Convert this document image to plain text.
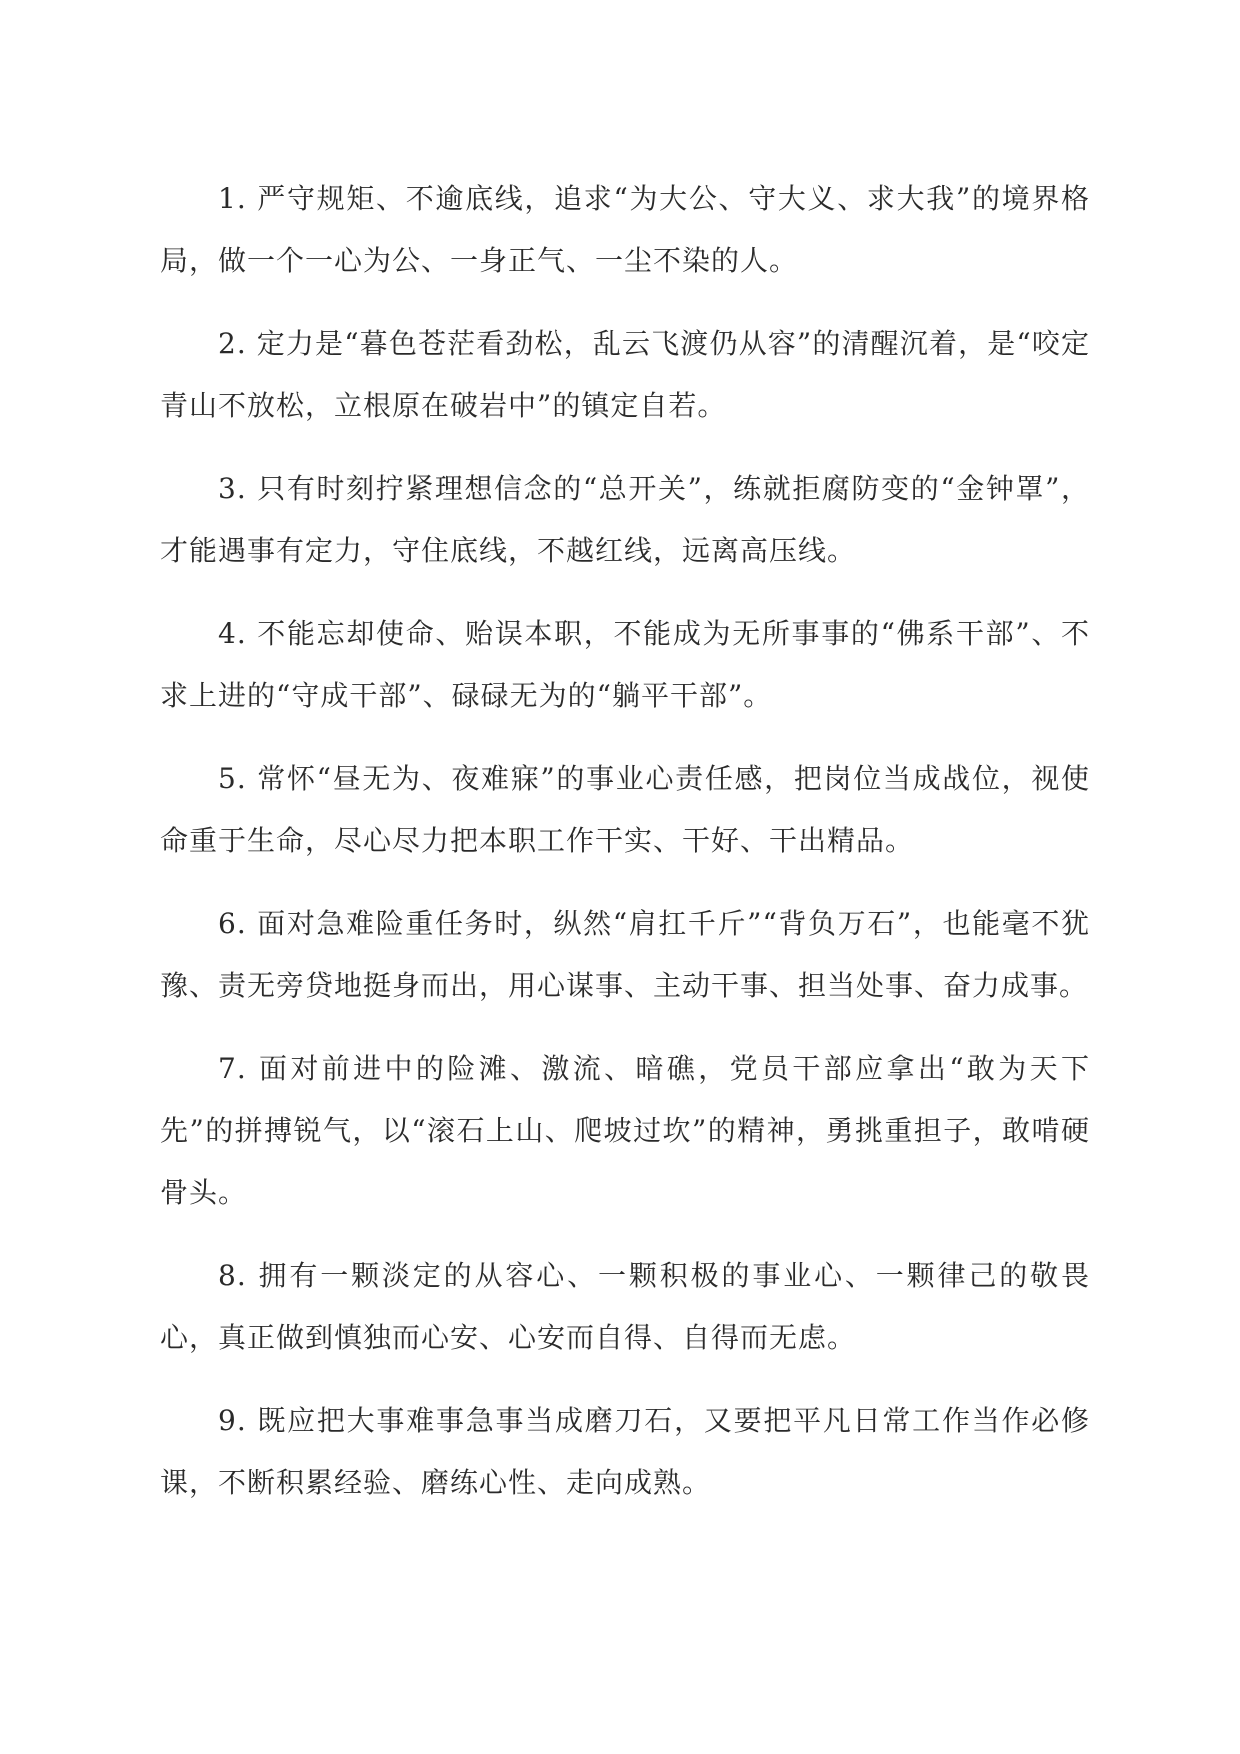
1. 严守规矩、不逾底线，追求“为大公、守大义、求大我”的境界格局，做一个一心为公、一身正气、一尘不染的人。

2. 定力是“暮色苍茫看劲松，乱云飞渡仍从容”的清醒沉着，是“咬定青山不放松，立根原在破岩中”的镇定自若。

3. 只有时刻拧紧理想信念的“总开关”，练就拒腐防变的“金钟罩”，才能遇事有定力，守住底线，不越红线，远离高压线。

4. 不能忘却使命、贻误本职，不能成为无所事事的“佛系干部”、不求上进的“守成干部”、碌碌无为的“躺平干部”。

5. 常怀“昼无为、夜难寐”的事业心责任感，把岗位当成战位，视使命重于生命，尽心尽力把本职工作干实、干好、干出精品。

6. 面对急难险重任务时，纵然“肩扛千斤”“背负万石”，也能毫不犹豫、责无旁贷地挺身而出，用心谋事、主动干事、担当处事、奋力成事。

7. 面对前进中的险滩、激流、暗礁，党员干部应拿出“敢为天下先”的拼搏锐气，以“滚石上山、爬坡过坎”的精神，勇挑重担子，敢啃硬骨头。

8. 拥有一颗淡定的从容心、一颗积极的事业心、一颗律己的敬畏心，真正做到慎独而心安、心安而自得、自得而无虑。

9. 既应把大事难事急事当成磨刀石，又要把平凡日常工作当作必修课，不断积累经验、磨练心性、走向成熟。
